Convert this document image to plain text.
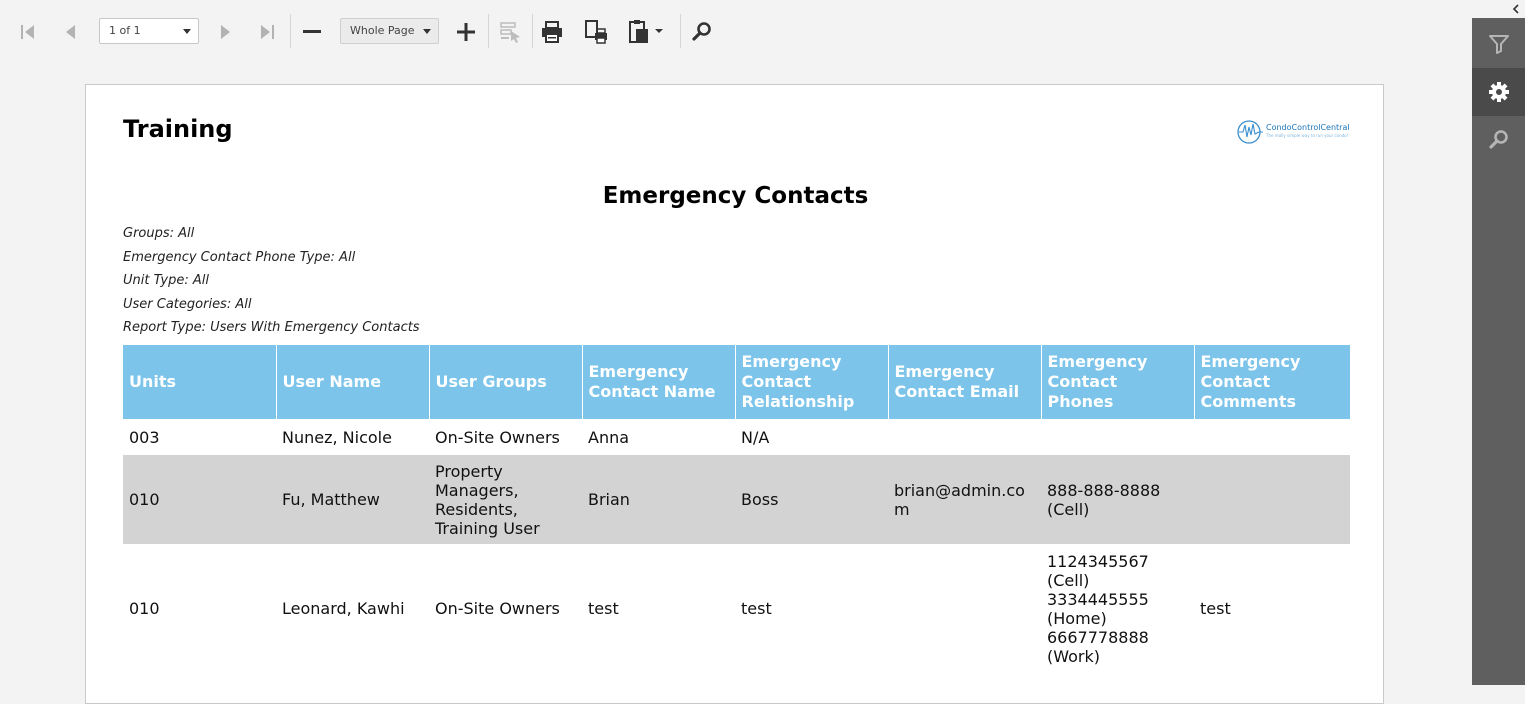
1 of 1	Whole Page
Training	CondoControlCentral
The really simple way to run your condo!
Emergency Contacts
Groups: All
Emergency Contact Phone Type: All
Unit Type: All
User Categories: All
Report Type: Users With Emergency Contacts
Units	User Name	User Groups	Emergency Contact Name	Emergency Contact Relationship	Emergency Contact Email	Emergency Contact Phones	Emergency Contact Comments
003	Nunez, Nicole	On-Site Owners	Anna	N/A			
010	Fu, Matthew	Property Managers, Residents, Training User	Brian	Boss	brian@admin.com	888-888-8888 (Cell)	
010	Leonard, Kawhi	On-Site Owners	test	test		1124345567 (Cell) 3334445555 (Home) 6667778888 (Work)	test
